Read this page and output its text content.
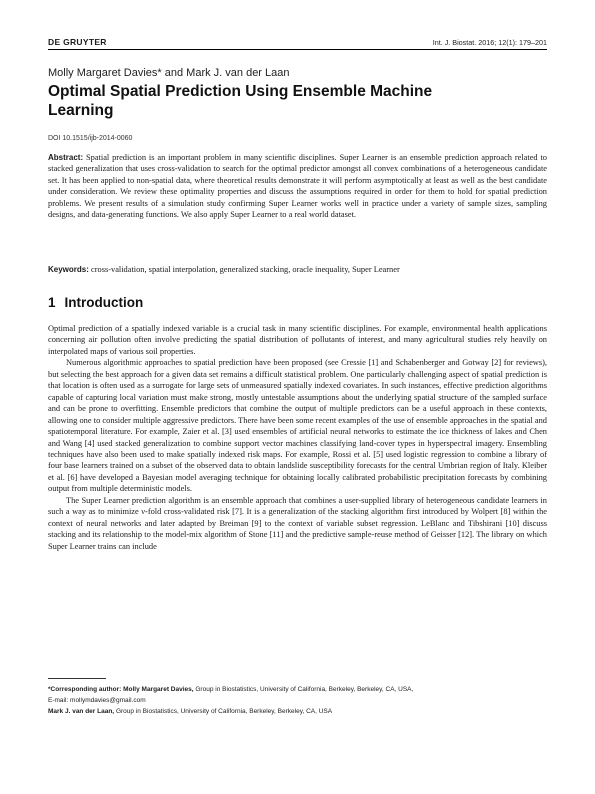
DE GRUYTER	Int. J. Biostat. 2016; 12(1): 179–201
Molly Margaret Davies* and Mark J. van der Laan
Optimal Spatial Prediction Using Ensemble Machine Learning
DOI 10.1515/ijb-2014-0060
Abstract: Spatial prediction is an important problem in many scientific disciplines. Super Learner is an ensemble prediction approach related to stacked generalization that uses cross-validation to search for the optimal predictor amongst all convex combinations of a heterogeneous candidate set. It has been applied to non-spatial data, where theoretical results demonstrate it will perform asymptotically at least as well as the best candidate under consideration. We review these optimality properties and discuss the assumptions required in order for them to hold for spatial prediction problems. We present results of a simulation study confirming Super Learner works well in practice under a variety of sample sizes, sampling designs, and data-generating functions. We also apply Super Learner to a real world dataset.
Keywords: cross-validation, spatial interpolation, generalized stacking, oracle inequality, Super Learner
1 Introduction

Optimal prediction of a spatially indexed variable is a crucial task in many scientific disciplines. For example, environmental health applications concerning air pollution often involve predicting the spatial distribution of pollutants of interest, and many agricultural studies rely heavily on interpolated maps of various soil properties.

Numerous algorithmic approaches to spatial prediction have been proposed (see Cressie [1] and Schabenberger and Gotway [2] for reviews), but selecting the best approach for a given data set remains a difficult statistical problem. One particularly challenging aspect of spatial prediction is that location is often used as a surrogate for large sets of unmeasured spatially indexed covariates. In such instances, effective prediction algorithms capable of capturing local variation must make strong, mostly untestable assumptions about the underlying spatial structure of the sampled surface and can be prone to overfitting. Ensemble predictors that combine the output of multiple predictors can be a useful approach in these contexts, allowing one to consider multiple aggressive predictors. There have been some recent examples of the use of ensemble approaches in the spatial and spatiotemporal literature. For example, Zaier et al. [3] used ensembles of artificial neural networks to estimate the ice thickness of lakes and Chen and Wang [4] used stacked generalization to combine support vector machines classifying land-cover types in hyperspectral imagery. Ensembling techniques have also been used to make spatially indexed risk maps. For example, Rossi et al. [5] used logistic regression to combine a library of four base learners trained on a subset of the observed data to obtain landslide susceptibility forecasts for the central Umbrian region of Italy. Kleiber et al. [6] have developed a Bayesian model averaging technique for obtaining locally calibrated probabilistic precipitation forecasts by combining output from multiple deterministic models.

The Super Learner prediction algorithm is an ensemble approach that combines a user-supplied library of heterogeneous candidate learners in such a way as to minimize ν-fold cross-validated risk [7]. It is a generalization of the stacking algorithm first introduced by Wolpert [8] within the context of neural networks and later adapted by Breiman [9] to the context of variable subset regression. LeBlanc and Tibshirani [10] discuss stacking and its relationship to the model-mix algorithm of Stone [11] and the predictive sample-reuse method of Geisser [12]. The library on which Super Learner trains can include

*Corresponding author: Molly Margaret Davies, Group in Biostatistics, University of California, Berkeley, Berkeley, CA, USA,

E-mail: mollymdavies@gmail.com

Mark J. van der Laan, Group in Biostatistics, University of California, Berkeley, Berkeley, CA, USA
